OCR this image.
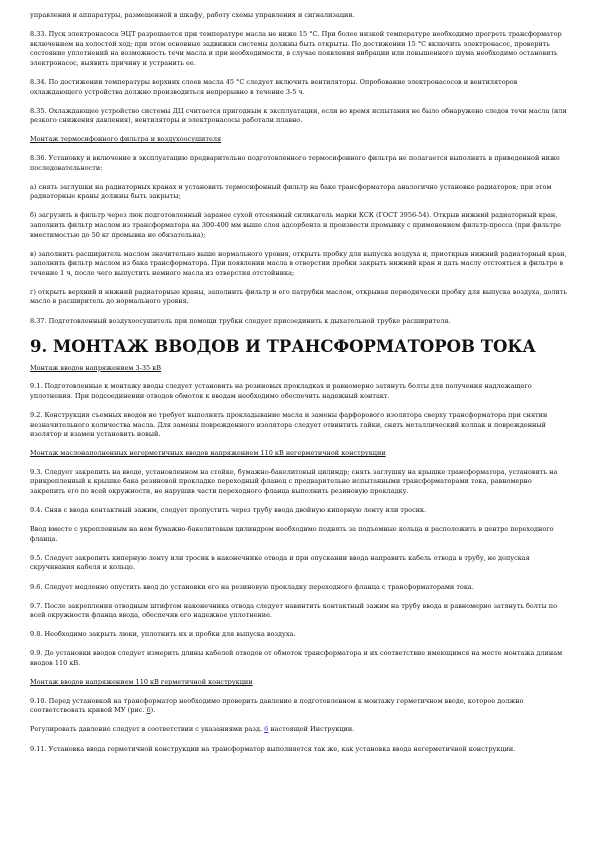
управления и аппаратуры, размещенной в шкафу, работу схемы управления и сигнализации.

8.33. Пуск электронасоса ЭЦТ разрешается при температуре масла не ниже 15 °С. При более низкой температуре необходимо прогреть трансформатор включением на холостой ход; при этом основные задвижки системы должны быть открыты. По достижении 15 °С включить электронасос, проверить состояние уплотнений на возможность течи масла и при необходимости, в случае появления вибрации или повышенного шума необходимо остановить электронасос, выявить причину и устранить ее.

8.34. По достижении температуры верхних слоев масла 45 °С следует включить вентиляторы. Опробование электронасосов и вентиляторов охлаждающего устройства должно производиться непрерывно в течение 3-5 ч.

8.35. Охлаждающее устройство системы ДЦ считается пригодным к эксплуатации, если во время испытания не было обнаружено следов течи масла (или резкого снижения давления), вентиляторы и электронасосы работали плавно.

Монтаж термосифонного фильтра и воздухоосушителя

8.36. Установку и включение в эксплуатацию предварительно подготовленного термосифонного фильтра не полагается выполнять в приведенной ниже последовательности:

а) снять заглушки на радиаторных кранах и установить термосифонный фильтр на баке трансформатора аналогично установке радиаторов; при этом радиаторные краны должны быть закрыты;

б) загрузить в фильтр через люк подготовленный заранее сухой отсеянный силикагель марки КСК (ГОСТ 3956-54). Открыв нижний радиаторный кран, заполнить фильтр маслом из трансформатора на 300-400 мм выше слоя адсорбента и произвести промывку с применением фильтр-пресса (при фильтре вместимостью до 50 кг промывка не обязательна);

в) заполнить расширитель маслом значительно выше нормального уровня, открыть пробку для выпуска воздуха и, приоткрыв нижний радиаторный кран, заполнить фильтр маслом из бака трансформатора. При появлении масла в отверстии пробки закрыть нижний кран и дать маслу отстояться в фильтре в течение 1 ч, после чего выпустить немного масла из отверстия отстойника;

г) открыть верхний и нижний радиаторные краны, заполнить фильтр и его патрубки маслом, открывая периодически пробку для выпуска воздуха, долить масло в расширитель до нормального уровня.

8.37. Подготовленный воздухоосушитель при помощи трубки следует присоединить к дыхательной трубке расширителя.

9. МОНТАЖ ВВОДОВ И ТРАНСФОРМАТОРОВ ТОКА

Монтаж вводов напряжением 3-35 кВ

9.1. Подготовленные к монтажу вводы следует установить на резиновых прокладках и равномерно затянуть болты для получения надлежащего уплотнения. При подсоединении отводов обмоток к вводам необходимо обеспечить надежный контакт.

9.2. Конструкция съемных вводов не требует выполнять прокладывание масла и замены фарфорового изолятора сверху трансформатора при снятии незначительного количества масла. Для замены поврежденного изолятора следует отвинтить гайки, снять металлический колпак и поврежденный изолятор и взамен установить новый.

Монтаж маслонаполненных негерметичных вводов напряжением 110 кВ негерметичной конструкции

9.3. Следует закрепить на вводе, установленном на стойке, бумажно-бакелитовый цилиндр; снять заглушку на крышке трансформатора, установить на прикрепленный к крышке бака резиновой прокладке переходный фланец с предварительно испытанными трансформаторами тока, равномерно закрепить его по всей окружности, не нарушив части переходного фланца выполнить резиновую прокладку.

9.4. Сняв с ввода контактный зажим, следует пропустить через трубу ввода двойную киперную ленту или тросик.

Ввод вместе с укрепленным на нем бумажно-бакелитовым цилиндром необходимо поднять за подъемные кольца и расположить в центре переходного фланца.

9.5. Следует закрепить киперную ленту или тросик в наконечнике отвода и при опускании ввода направить кабель отвода в трубу, не допуская скручивания кабеля и кольцо.

9.6. Следует медленно опустить ввод до установки его на резиновую прокладку переходного фланца с трансформаторами тока.

9.7. После закрепления отводным штифтом наконечника отвода следует навинтить контактный зажим на трубу ввода и равномерно затянуть болты по всей окружности фланца ввода, обеспечив его надежное уплотнение.

9.8. Необходимо закрыть люки, уплотнить их и пробки для выпуска воздуха.

9.9. До установки вводов следует измерить длины кабелей отводов от обмоток трансформатора и их соответствие имеющимся на месте монтажа длинам вводов 110 кВ.

Монтаж вводов напряжением 110 кВ герметичной конструкции

9.10. Перед установкой на трансформатор необходимо проверить давление в подготовленном к монтажу герметичном вводе, которое должно соответствовать кривой МУ (рис. 6).

Регулировать давление следует в соответствии с указаниями разд. 6 настоящей Инструкции.

9.11. Установка ввода герметичной конструкции на трансформатор выполняется так же, как установка ввода негерметичной конструкции.
